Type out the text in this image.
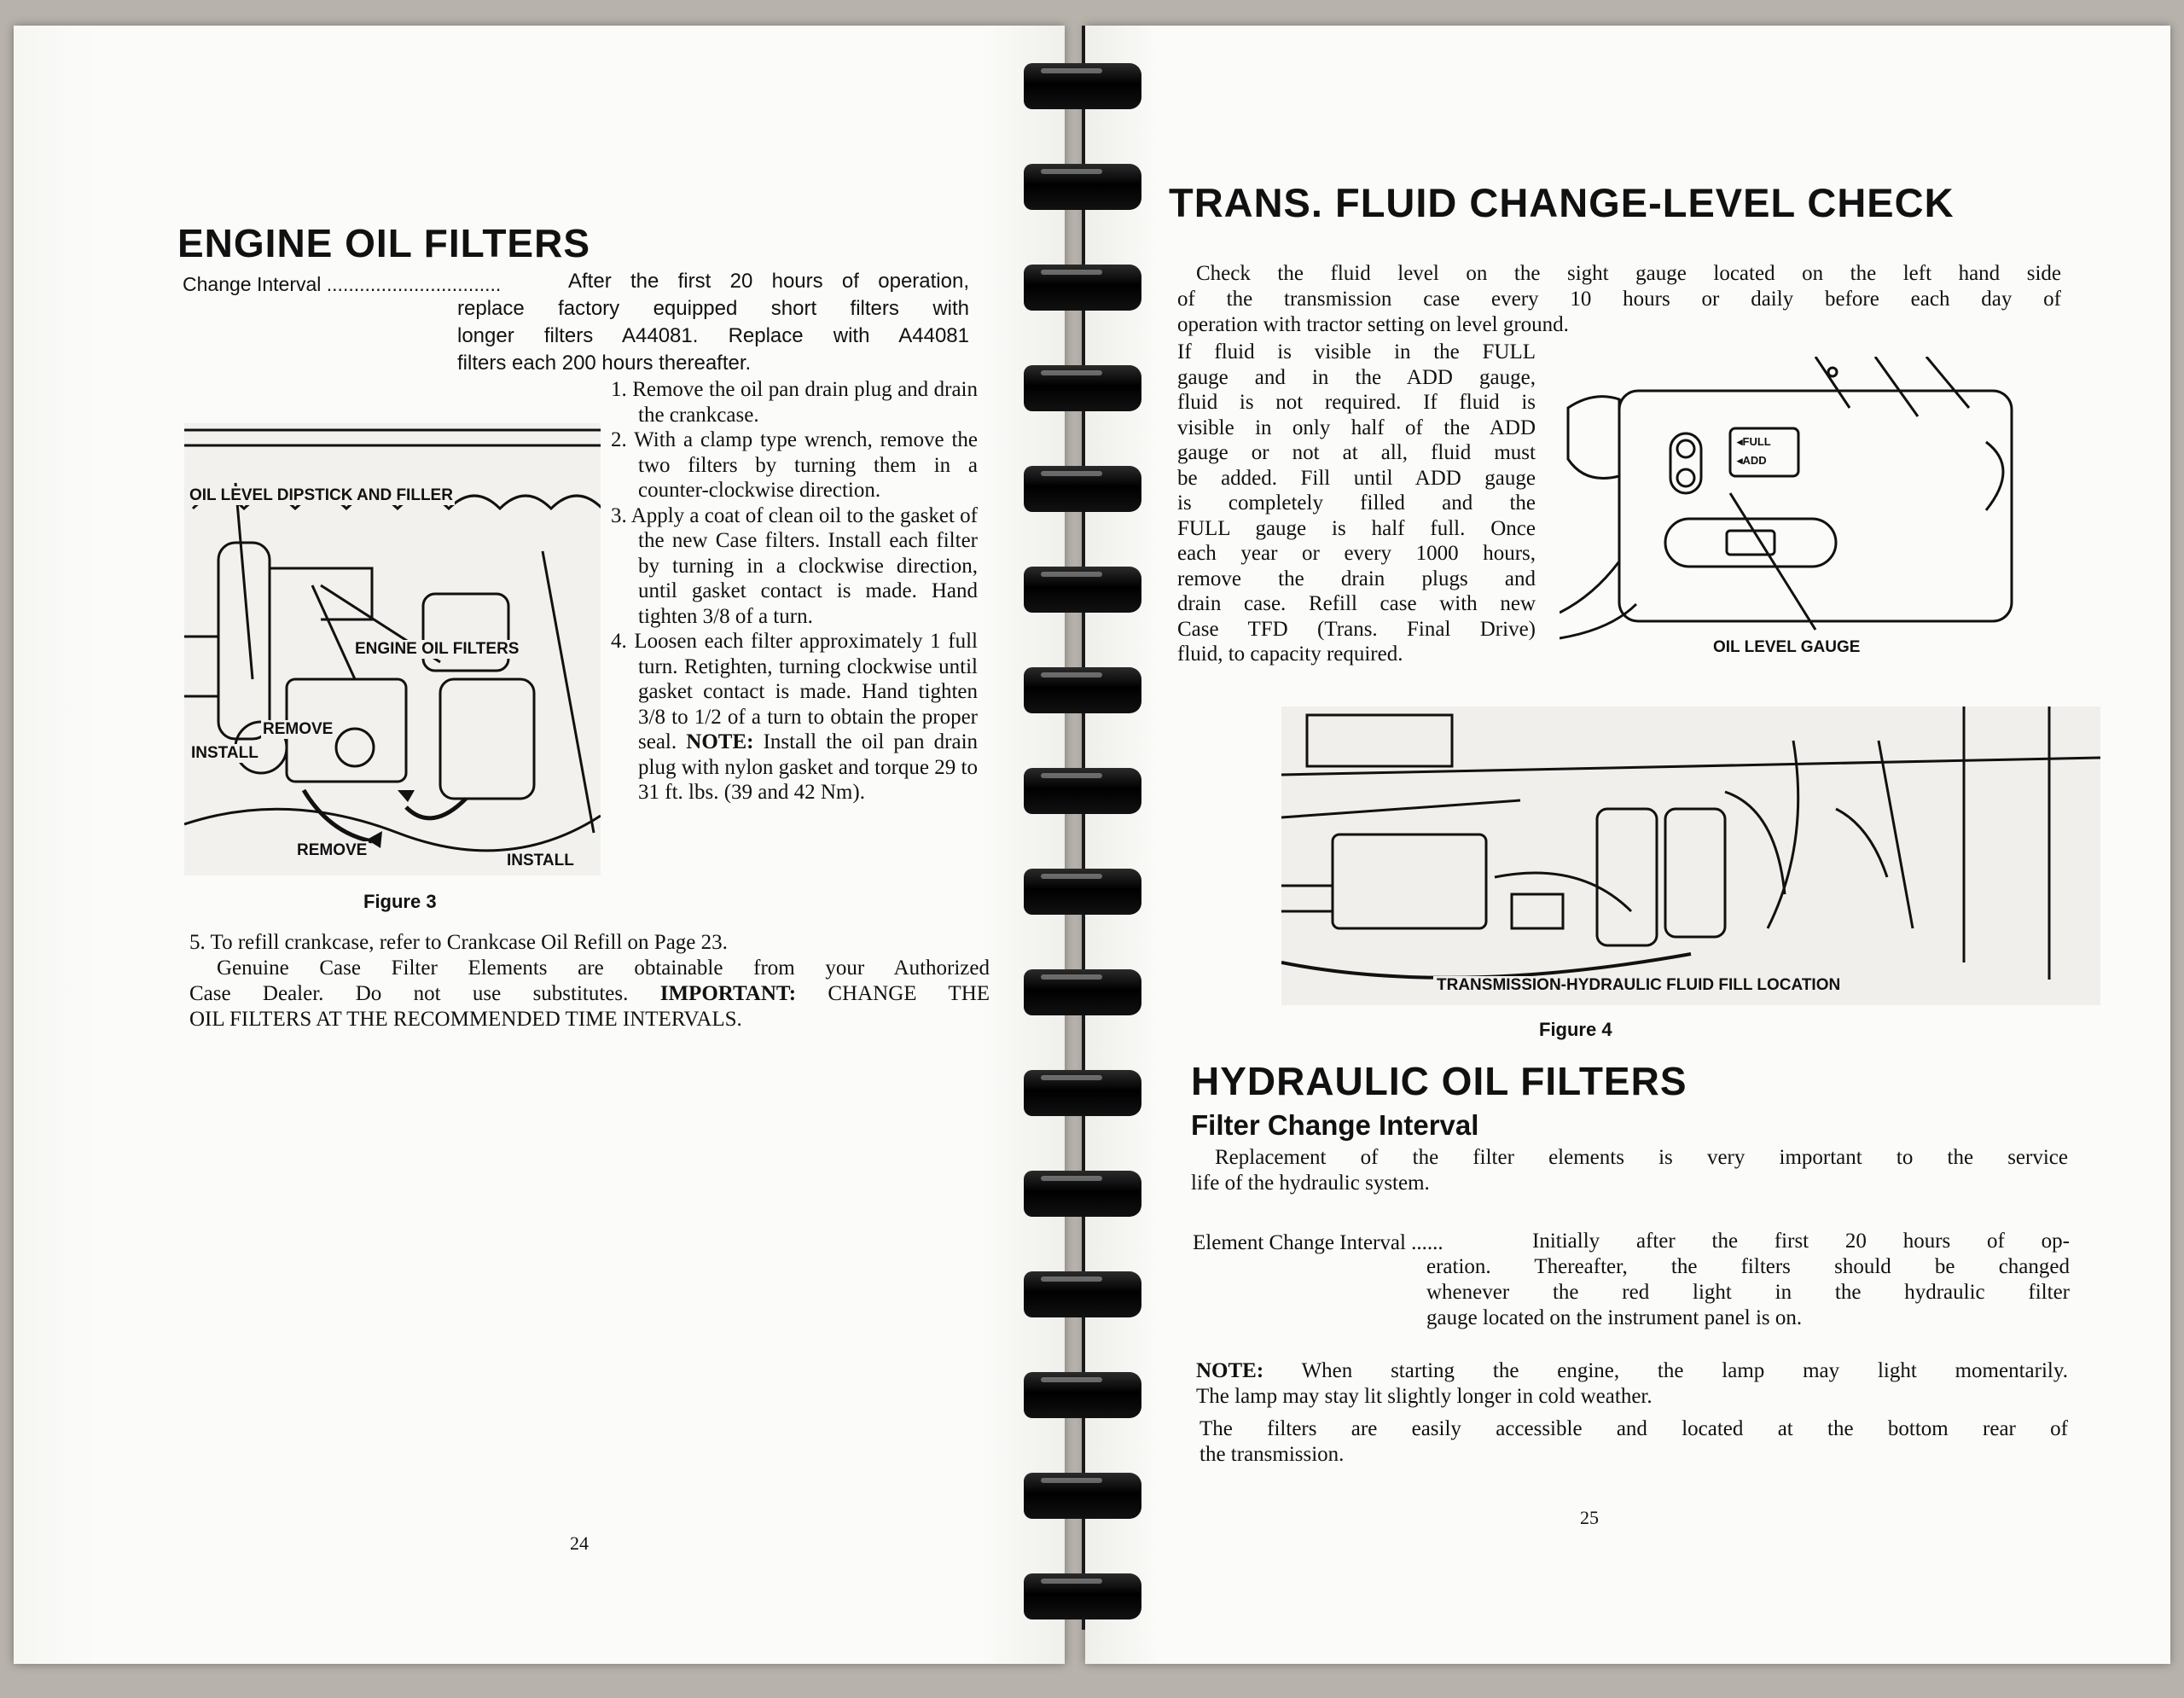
ENGINE OIL FILTERS
Change Interval ................................	After the first 20 hours of operation,
replace factory equipped short filters with
longer filters A44081. Replace with A44081
filters each 200 hours thereafter.
1. Remove the oil pan drain plug and drain the crankcase.
2. With a clamp type wrench, remove the two filters by turning them in a counter-clockwise direction.
3. Apply a coat of clean oil to the gasket of the new Case filters. Install each filter by turning in a clockwise direction, until gasket contact is made. Hand tighten 3/8 of a turn.
4. Loosen each filter approximately 1 full turn. Retighten, turning clockwise until gasket contact is made. Hand tighten 3/8 to 1/2 of a turn to obtain the proper seal. NOTE: Install the oil pan drain plug with nylon gasket and torque 29 to 31 ft. lbs. (39 and 42 Nm).
OIL LEVEL DIPSTICK AND FILLER
ENGINE OIL FILTERS
REMOVE
INSTALL
REMOVE
INSTALL
Figure 3
5. To refill crankcase, refer to Crankcase Oil Refill on Page 23.
Genuine Case Filter Elements are obtainable from your Authorized
Case Dealer. Do not use substitutes. IMPORTANT: CHANGE THE
OIL FILTERS AT THE RECOMMENDED TIME INTERVALS.
24
TRANS. FLUID CHANGE-LEVEL CHECK
Check the fluid level on the sight gauge located on the left hand side
of the transmission case every 10 hours or daily before each day of
operation with tractor setting on level ground.
If fluid is visible in the FULL
gauge and in the ADD gauge,
fluid is not required. If fluid is
visible in only half of the ADD
gauge or not at all, fluid must
be added. Fill until ADD gauge
is completely filled and the
FULL gauge is half full. Once
each year or every 1000 hours,
remove the drain plugs and
drain case. Refill case with new
Case TFD (Trans. Final Drive)
fluid, to capacity required.
◂FULL
◂ADD
OIL LEVEL GAUGE
TRANSMISSION-HYDRAULIC FLUID FILL LOCATION
Figure 4
HYDRAULIC OIL FILTERS
Filter Change Interval
Replacement of the filter elements is very important to the service
life of the hydraulic system.
Element Change Interval ......	Initially after the first 20 hours of op-
eration. Thereafter, the filters should be changed
whenever the red light in the hydraulic filter
gauge located on the instrument panel is on.
NOTE: When starting the engine, the lamp may light momentarily.
The lamp may stay lit slightly longer in cold weather.
The filters are easily accessible and located at the bottom rear of
the transmission.
25
